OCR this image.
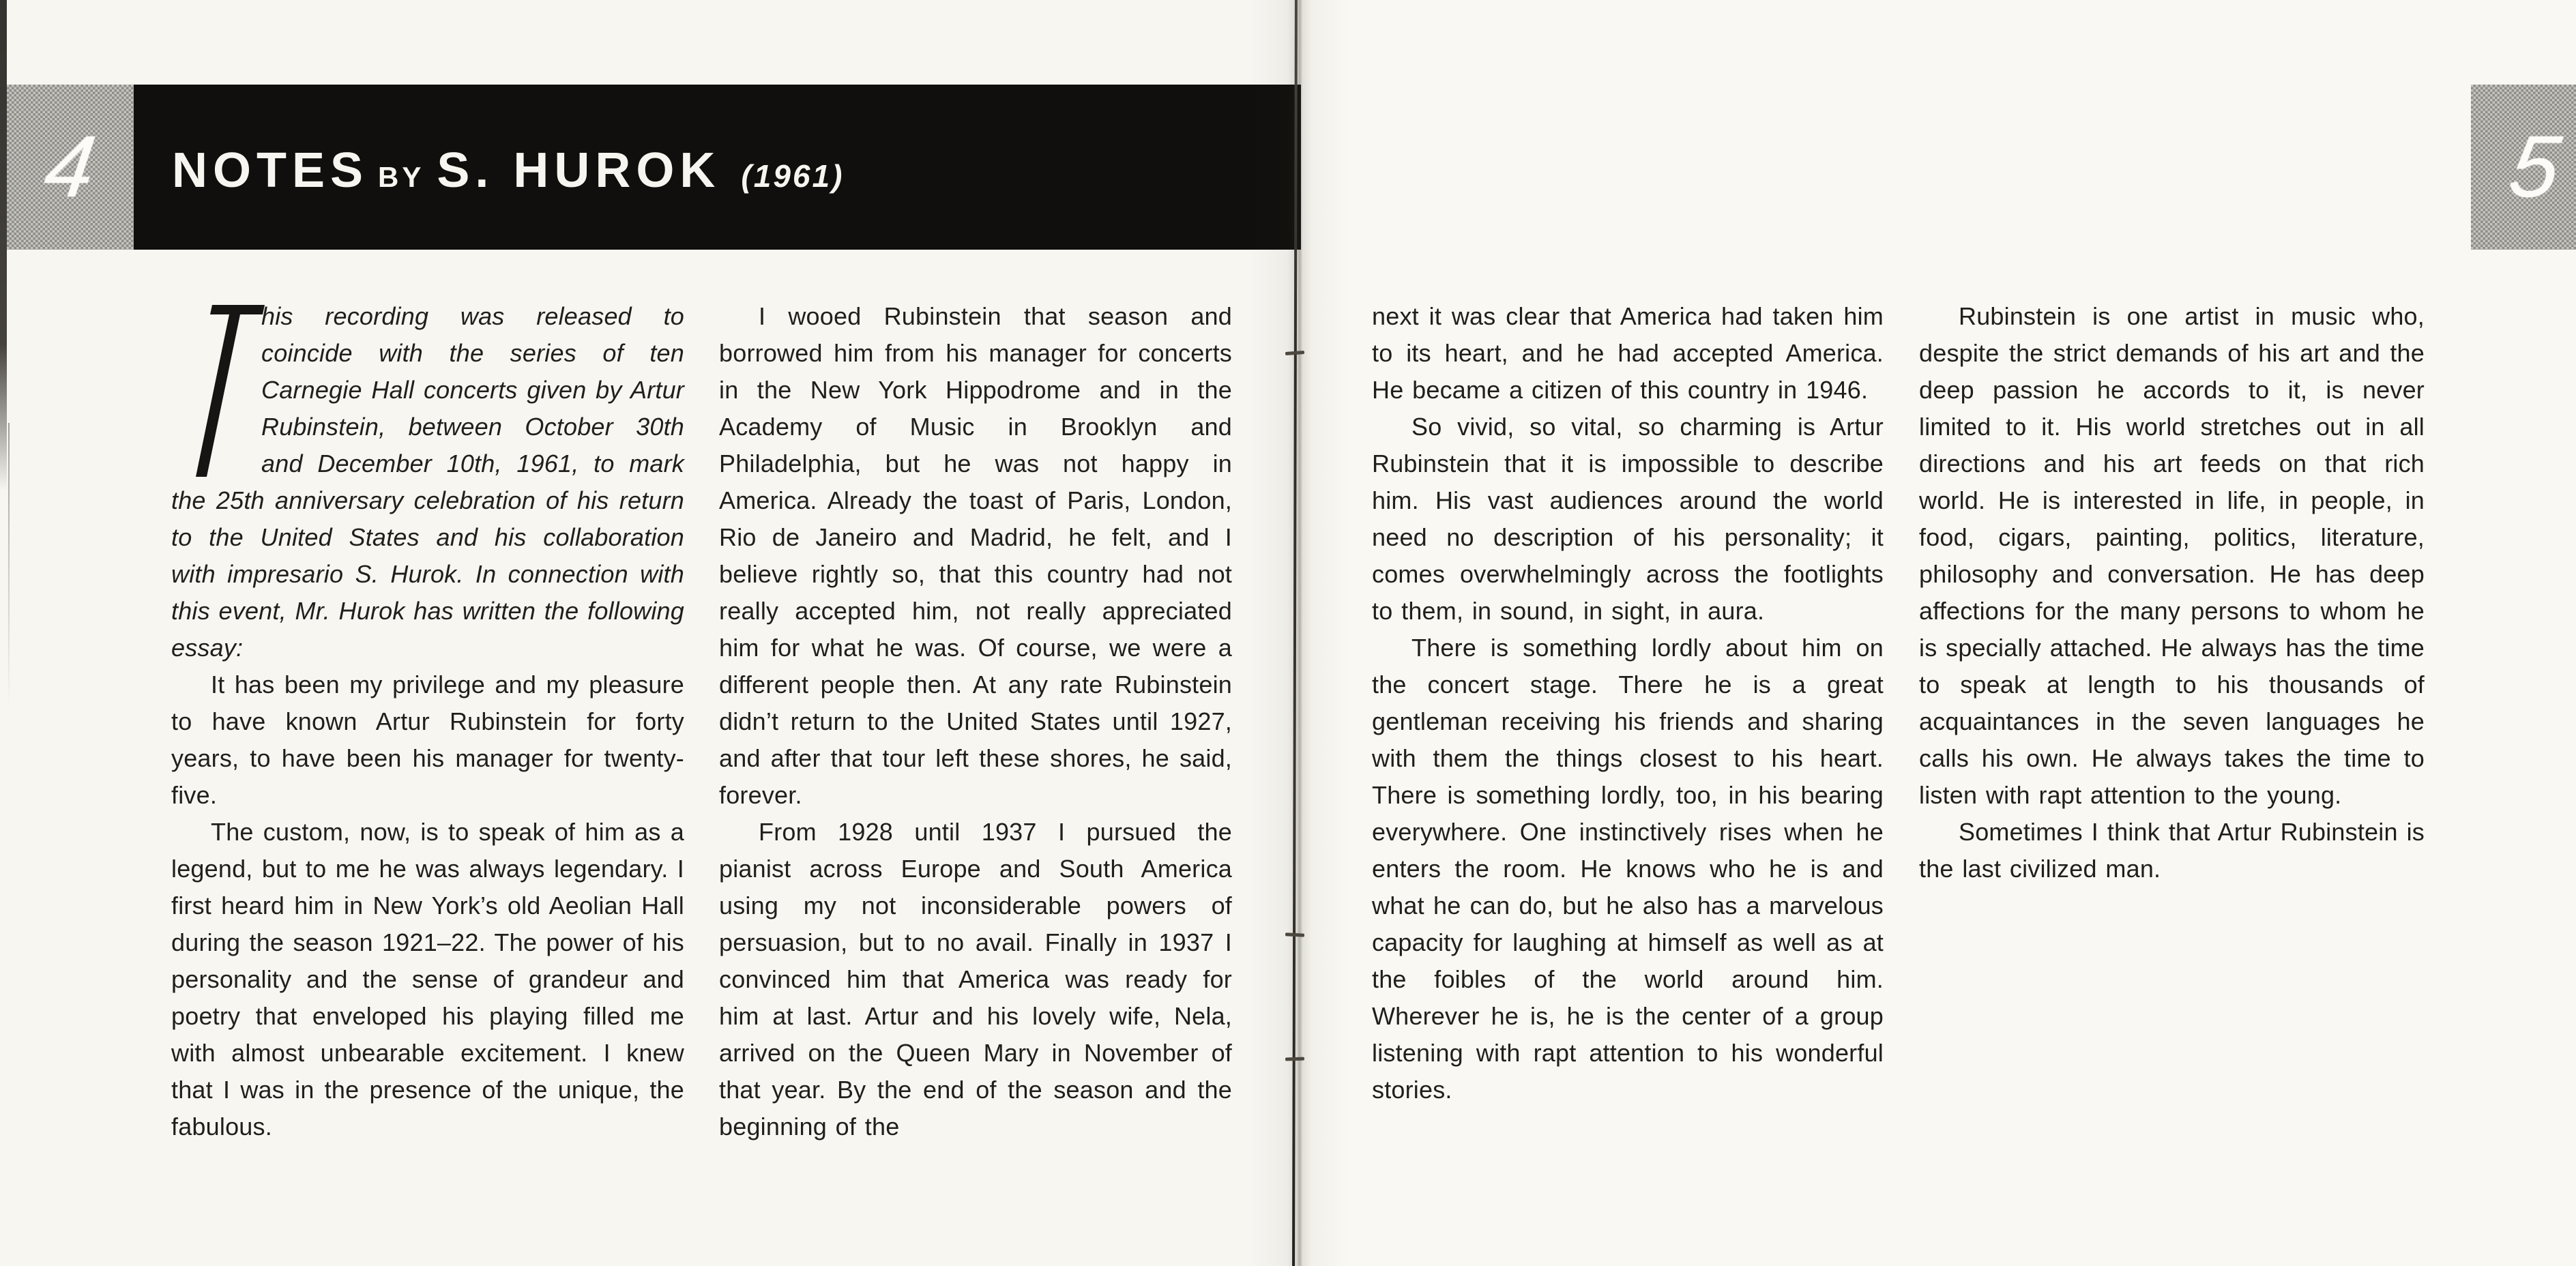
NOTES BY S. HUROK (1961)
4	5

his recording was released to coincide with the series of ten Carnegie Hall concerts given by Artur Rubinstein, between October 30th and December 10th, 1961, to mark the 25th anniversary celebration of his return to the United States and his collaboration with impresario S. Hurok. In connection with this event, Mr. Hurok has written the following essay:

It has been my privilege and my pleasure to have known Artur Rubinstein for forty years, to have been his manager for twenty-five.

The custom, now, is to speak of him as a legend, but to me he was always legendary. I first heard him in New York’s old Aeolian Hall during the season 1921–22. The power of his personality and the sense of grandeur and poetry that enveloped his playing filled me with almost unbearable excitement. I knew that I was in the presence of the unique, the fabulous.

I wooed Rubinstein that season and borrowed him from his manager for concerts in the New York Hippodrome and in the Academy of Music in Brooklyn and Philadelphia, but he was not happy in America. Already the toast of Paris, London, Rio de Janeiro and Madrid, he felt, and I believe rightly so, that this country had not really accepted him, not really appreciated him for what he was. Of course, we were a different people then. At any rate Rubinstein didn’t return to the United States until 1927, and after that tour left these shores, he said, forever.

From 1928 until 1937 I pursued the pianist across Europe and South America using my not inconsiderable powers of persuasion, but to no avail. Finally in 1937 I convinced him that America was ready for him at last. Artur and his lovely wife, Nela, arrived on the Queen Mary in November of that year. By the end of the season and the beginning of the

next it was clear that America had taken him to its heart, and he had accepted America. He became a citizen of this country in 1946.

So vivid, so vital, so charming is Artur Rubinstein that it is impossible to describe him. His vast audiences around the world need no description of his personality; it comes overwhelmingly across the footlights to them, in sound, in sight, in aura.

There is something lordly about him on the concert stage. There he is a great gentleman receiving his friends and sharing with them the things closest to his heart. There is something lordly, too, in his bearing everywhere. One instinctively rises when he enters the room. He knows who he is and what he can do, but he also has a marvelous capacity for laughing at himself as well as at the foibles of the world around him. Wherever he is, he is the center of a group listening with rapt attention to his wonderful stories.

Rubinstein is one artist in music who, despite the strict demands of his art and the deep passion he accords to it, is never limited to it. His world stretches out in all directions and his art feeds on that rich world. He is interested in life, in people, in food, cigars, painting, politics, literature, philosophy and conversation. He has deep affections for the many persons to whom he is specially attached. He always has the time to speak at length to his thousands of acquaintances in the seven languages he calls his own. He always takes the time to listen with rapt attention to the young.

Sometimes I think that Artur Rubinstein is the last civilized man.
